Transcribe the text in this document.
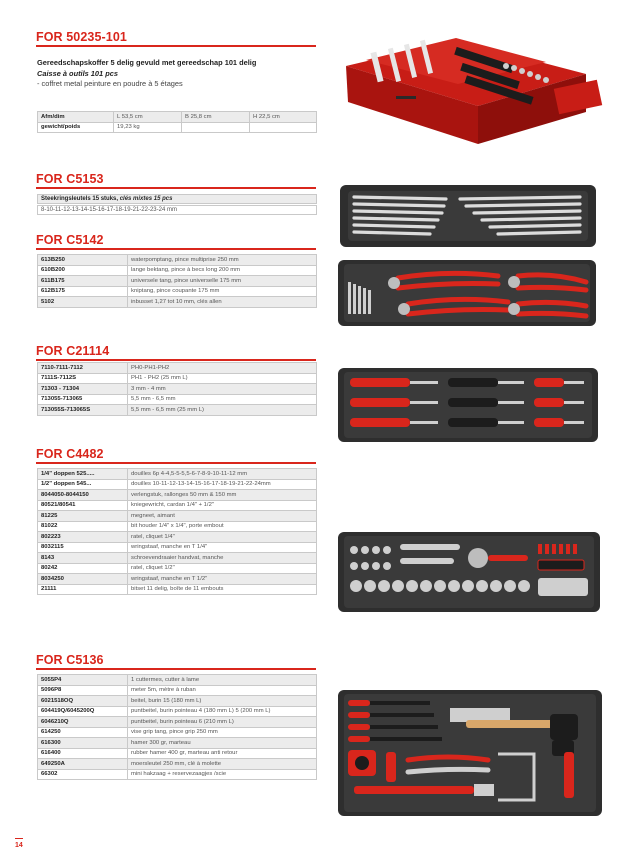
FOR 50235-101
Gereedschapskoffer 5 delig gevuld met gereedschap 101 delig
Caisse à outils 101 pcs
- coffret metal peinture en poudre à 5 étages
Afm/dim	L 53,5 cm	B 25,8 cm	H 22,5 cm
gewicht/poids	19,23 kg		
FOR C5153
Steekringsleutels 15 stuks, clés mixtes 15 pcs
8-10-11-12-13-14-15-16-17-18-19-21-22-23-24 mm
FOR C5142
613B250	waterpomptang, pince multiprise 250 mm
610B200	lange bektang, pince à becs long 200 mm
611B175	universele tang, pince universelle 175 mm
612B175	kniptang, pince coupante 175 mm
5102	inbusset 1,27 tot 10 mm, clés allen
FOR C21114
7110-7111-7112	PH0-PH1-PH2
7111S-7112S	PH1 - PH2 (25 mm L)
71303 - 71304	3 mm - 4 mm
713055-713065	5,5 mm - 6,5 mm
713055S-713065S	5,5 mm - 6,5 mm (25 mm L)
FOR C4482
1/4" doppen 525.....	douilles 6p 4-4,5-5-5,5-6-7-8-9-10-11-12 mm
1/2" doppen 545...	douilles 10-11-12-13-14-15-16-17-18-19-21-22-24mm
8044050-8044150	verlengstuk, rallonges 50 mm & 150 mm
80521/80541	kniegewricht, cardan 1/4" + 1/2"
81225	megneet, aimant
81022	bit houder 1/4" x 1/4", porte embout
802223	ratel, cliquet 1/4"
8032115	wringstaaf, manche en T 1/4"
8143	schroevendraaier handvat, manche
80242	ratel, cliquet 1/2"
8034250	wringstaaf, manche en T 1/2"
21111	bitset 11 delig, boîte de 11 embouts
FOR C5136
5055P4	1 cuttermes, cutter à lame
5096P8	meter 5m, mètre à ruban
6021518OQ	beitel, burin 15 (180 mm L)
604419Q/6045200Q	puntbeitel, burin pointeau 4 (180 mm L) 5 (200 mm L)
6046210Q	puntbeitel, burin pointeau 6 (210 mm L)
614250	vise grip tang, pince grip 250 mm
616300	hamer 300 gr, marteau
616400	rubber hamer 400 gr, marteau anti retour
649250A	moersleutel 250 mm, clé à molette
66302	mini hakzaag + reservezaagjes /scie
14
